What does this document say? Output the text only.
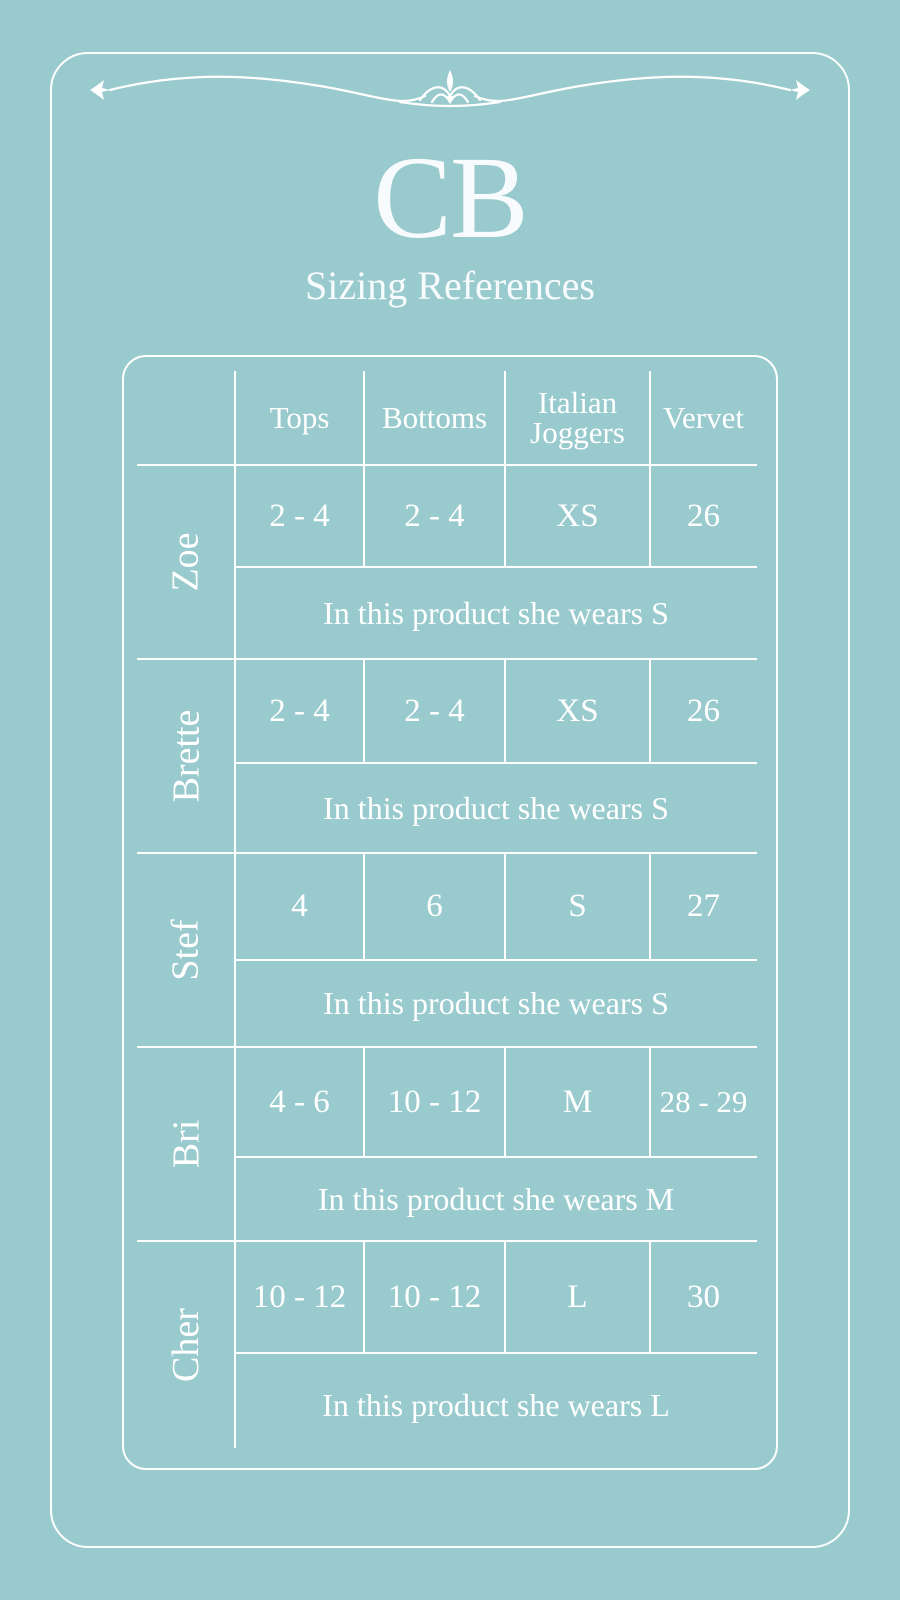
CB
Sizing References
Tops	Bottoms	Italian Joggers	Vervet
Zoe
2 - 4	2 - 4	XS	26
In this product she wears S
Brette	2 - 4	2 - 4	XS	26
In this product she wears S
Stef
4	6	S	27
In this product she wears S
Bri
4 - 6	10 - 12	M	28 - 29
In this product she wears M
Cher
10 - 12	10 - 12	L	30
In this product she wears L
